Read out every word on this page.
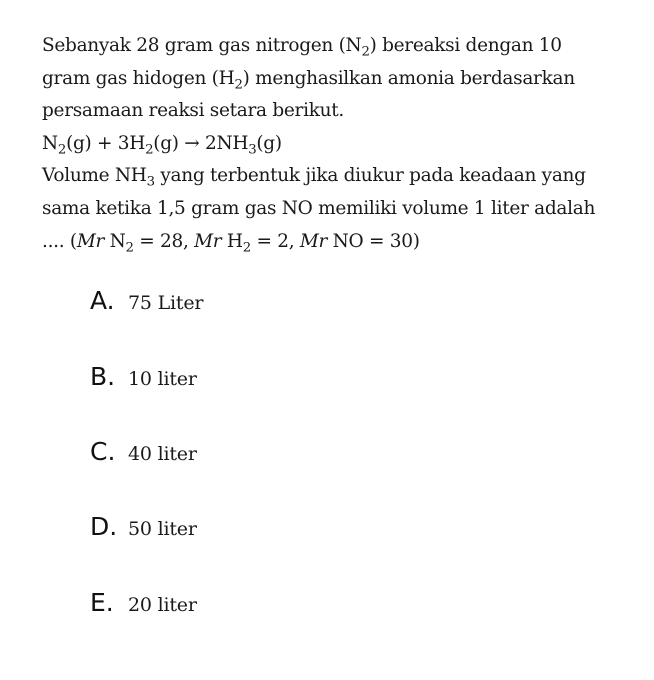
Sebanyak 28 gram gas nitrogen $(N_2)$ bereaksi dengan 10
gram gas hidogen $(H_2)$ menghasilkan amonia berdasarkan
persamaan reaksi setara berikut.
$N_2(g) + 3H_2(g) \to 2NH_3(g)$
Volume $NH_3$ yang terbentuk jika diukur pada keadaan yang
sama ketika 1,5 gram gas NO memiliki volume 1 liter adalah
.... (Mr $N_2 = 28$, Mr $H_2 = 2$, Mr NO = 30)
A. 75 Liter
B. 10 liter
C. 40 liter
D. 50 liter
E. 20 liter
